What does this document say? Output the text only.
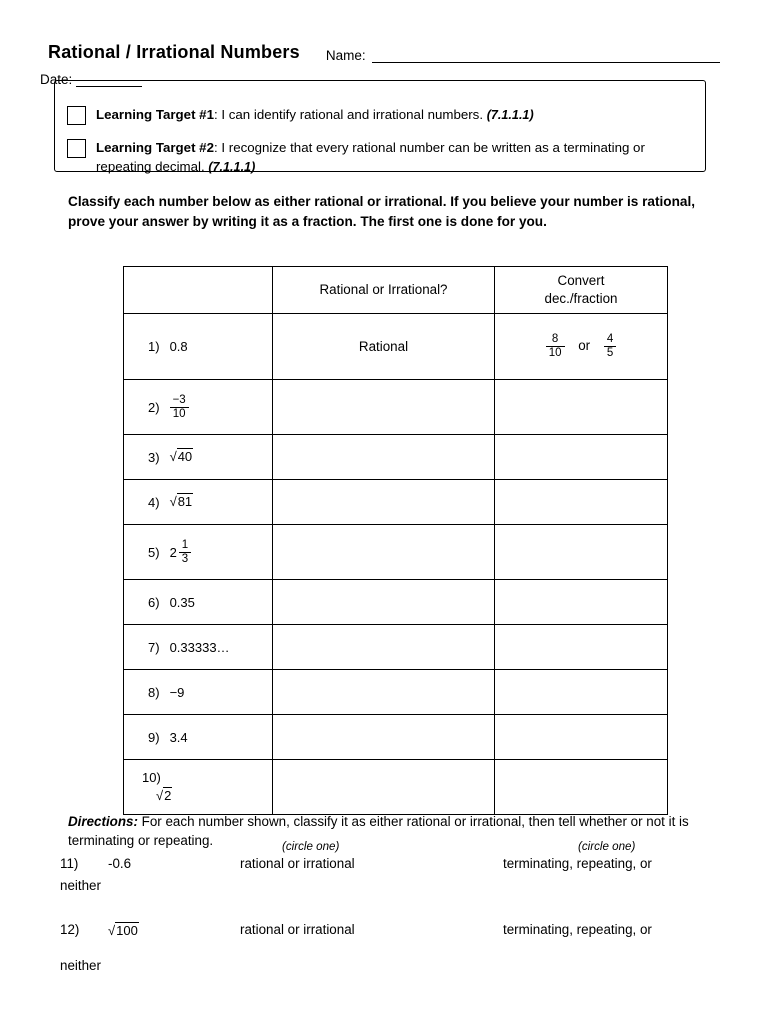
Rational / Irrational Numbers Name:
Date:
Learning Target #1: I can identify rational and irrational numbers. (7.1.1.1)
Learning Target #2: I recognize that every rational number can be written as a terminating or repeating decimal. (7.1.1.1)
Classify each number below as either rational or irrational. If you believe your number is rational, prove your answer by writing it as a fraction. The first one is done for you.
	Rational or Irrational?	Convert
dec./fraction

1) 0.8	Rational	$\frac{8}{10}$ or $\frac{4}{5}$

$2) \frac{-3}{10}$

3) √40		

4) √81		

5) $2 \frac{1}{3}$

6) 0.35		

7) 0.33333…		

8) −9		

9) 3.4		

10)
√2		

Directions: For each number shown, classify it as either rational or irrational, then tell whether or not it is terminating or repeating.	(circle one)	(circle one)
11) -0.6	rational or irrational	terminating, repeating, or
neither
12) √100	rational or irrational	terminating, repeating, or
neither
